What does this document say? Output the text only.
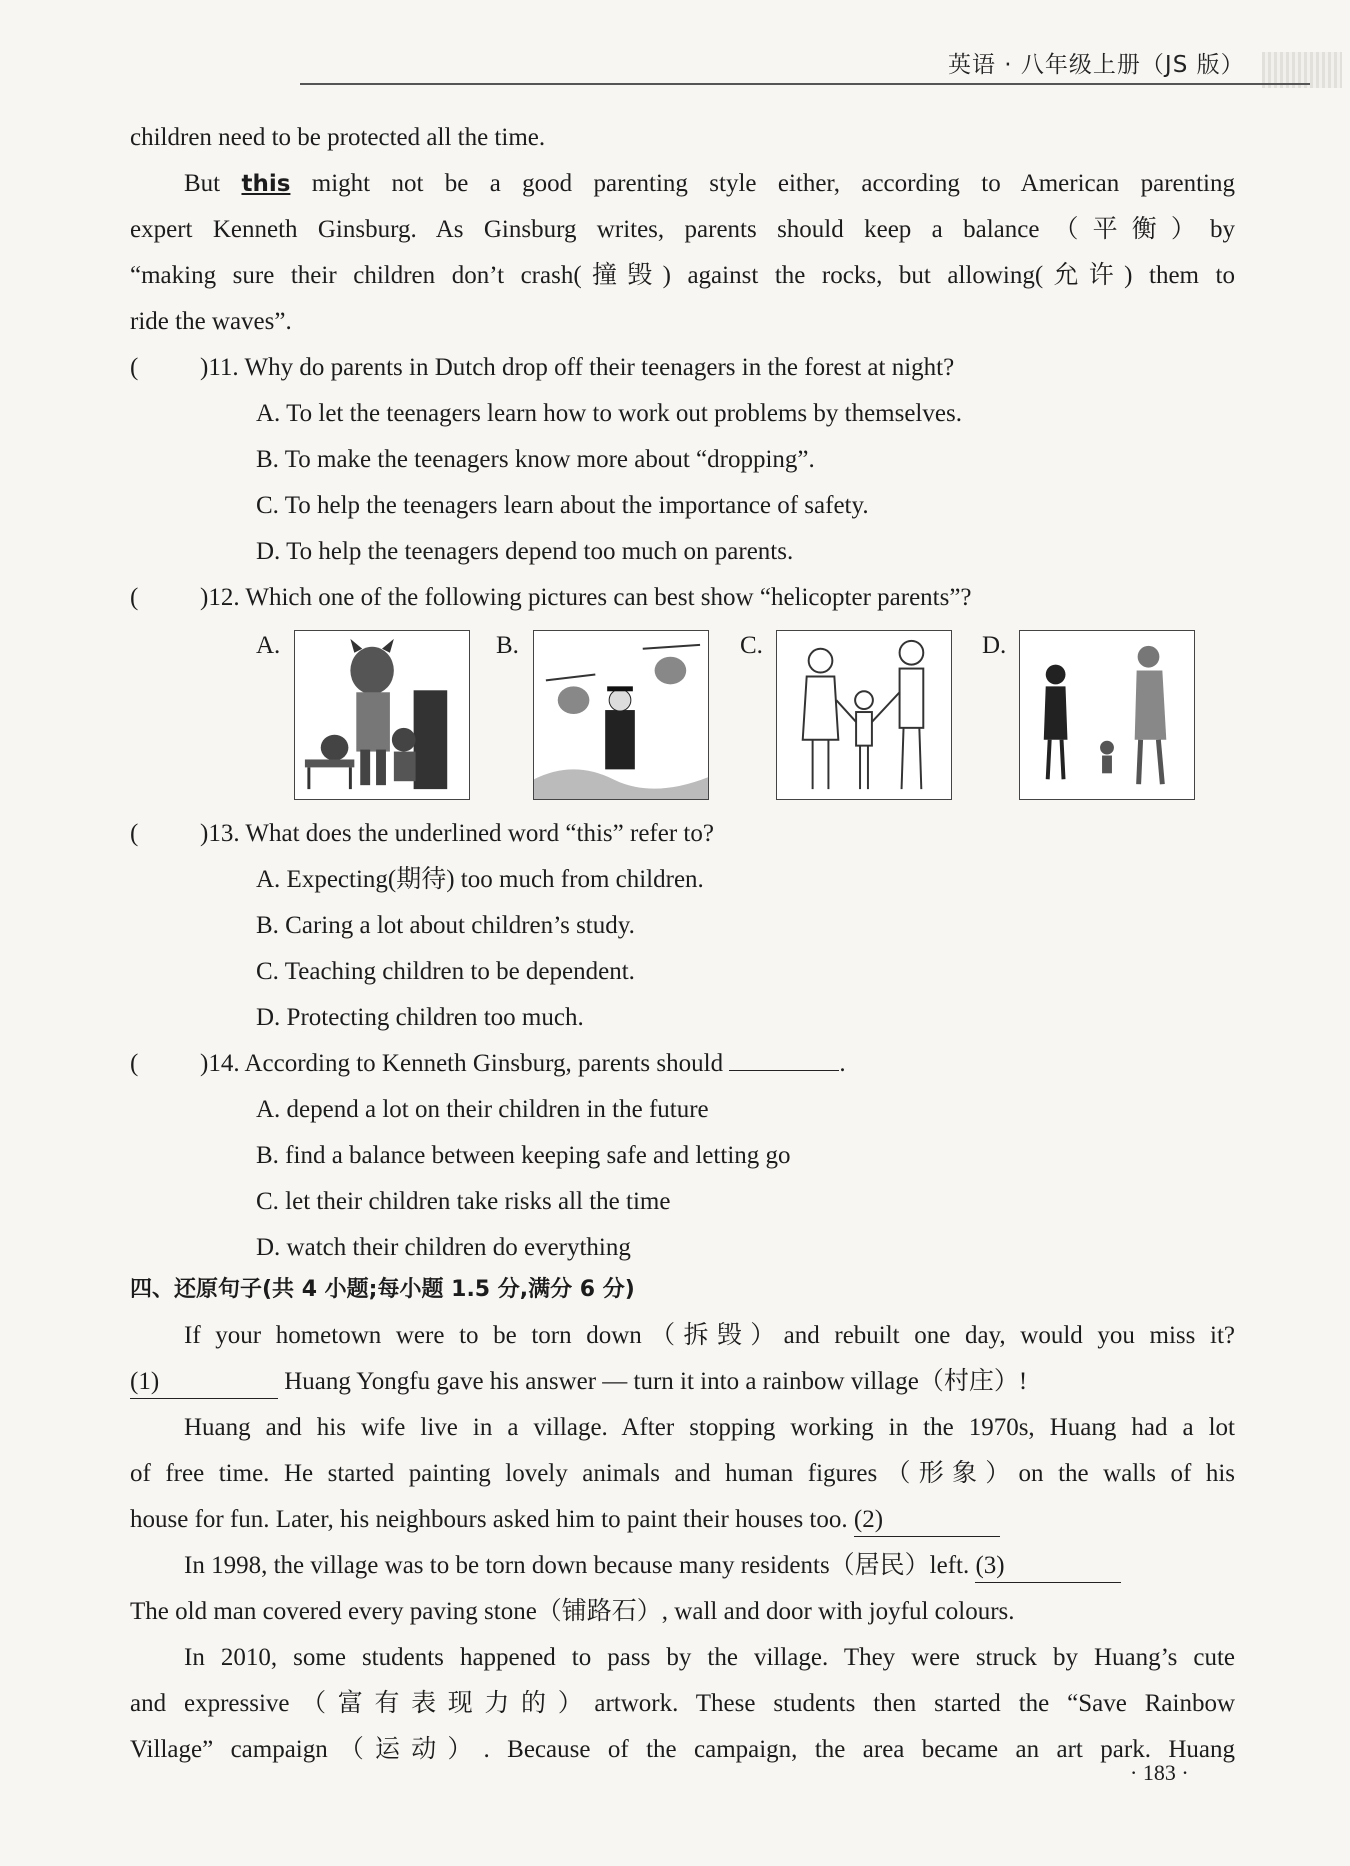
英语 · 八年级上册（JS 版）
children need to be protected all the time.
But this might not be a good parenting style either, according to American parenting
expert Kenneth Ginsburg. As Ginsburg writes, parents should keep a balance（平衡）by
“making sure their children don’t crash(撞毁) against the rocks, but allowing(允许) them to
ride the waves”.
( )11. Why do parents in Dutch drop off their teenagers in the forest at night?
A. To let the teenagers learn how to work out problems by themselves.
B. To make the teenagers know more about “dropping”.
C. To help the teenagers learn about the importance of safety.
D. To help the teenagers depend too much on parents.
( )12. Which one of the following pictures can best show “helicopter parents”?
A.	B.	C.	D.
( )13. What does the underlined word “this” refer to?
A. Expecting(期待) too much from children.
B. Caring a lot about children’s study.
C. Teaching children to be dependent.
D. Protecting children too much.
( )14. According to Kenneth Ginsburg, parents should	.
A. depend a lot on their children in the future
B. find a balance between keeping safe and letting go
C. let their children take risks all the time
D. watch their children do everything
四、还原句子(共 4 小题;每小题 1.5 分,满分 6 分)
If your hometown were to be torn down（拆毁）and rebuilt one day, would you miss it?
(1)	Huang Yongfu gave his answer — turn it into a rainbow village（村庄）!
Huang and his wife live in a village. After stopping working in the 1970s, Huang had a lot
of free time. He started painting lovely animals and human figures（形象）on the walls of his
house for fun. Later, his neighbours asked him to paint their houses too. (2)
In 1998, the village was to be torn down because many residents（居民）left. (3)
The old man covered every paving stone（铺路石）, wall and door with joyful colours.
In 2010, some students happened to pass by the village. They were struck by Huang’s cute
and expressive（富有表现力的）artwork. These students then started the “Save Rainbow
Village” campaign（运动）. Because of the campaign, the area became an art park. Huang
· 183 ·
